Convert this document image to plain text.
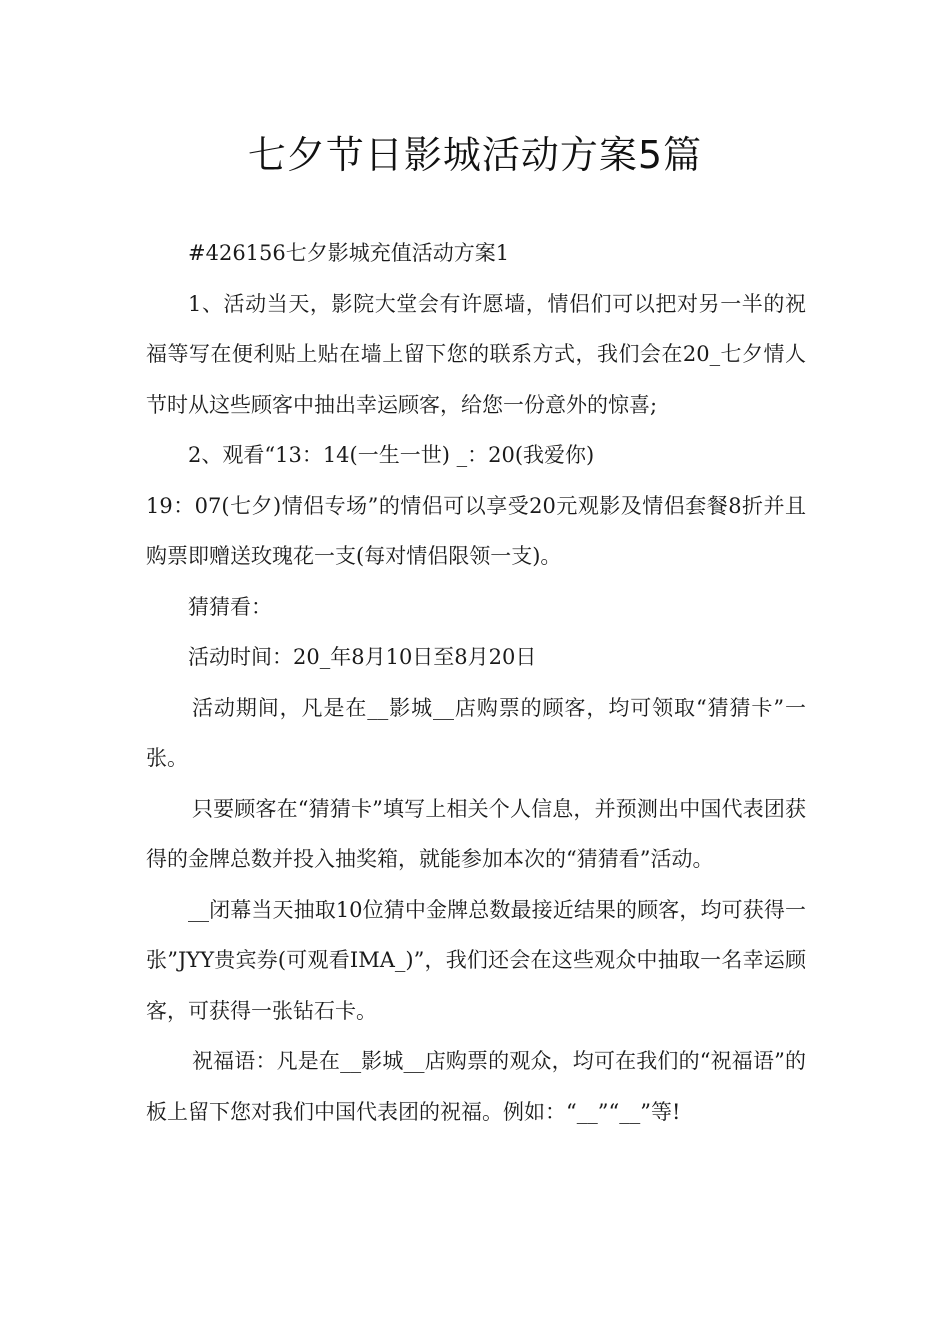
七夕节日影城活动方案5篇

#426156七夕影城充值活动方案1

1、活动当天，影院大堂会有许愿墙，情侣们可以把对另一半的祝福等写在便利贴上贴在墙上留下您的联系方式，我们会在20_七夕情人节时从这些顾客中抽出幸运顾客，给您一份意外的惊喜;

2、观看“13：14(一生一世) _：20(我爱你)

19：07(七夕)情侣专场”的情侣可以享受20元观影及情侣套餐8折并且购票即赠送玫瑰花一支(每对情侣限领一支)。

猜猜看：

活动时间：20_年8月10日至8月20日

活动期间，凡是在__影城__店购票的顾客，均可领取“猜猜卡”一张。

只要顾客在“猜猜卡”填写上相关个人信息，并预测出中国代表团获得的金牌总数并投入抽奖箱，就能参加本次的“猜猜看”活动。

__闭幕当天抽取10位猜中金牌总数最接近结果的顾客，均可获得一张”JYY贵宾券(可观看IMA_)”，我们还会在这些观众中抽取一名幸运顾客，可获得一张钻石卡。

祝福语：凡是在__影城__店购票的观众，均可在我们的“祝福语”的板上留下您对我们中国代表团的祝福。例如：“__”“__”等!
